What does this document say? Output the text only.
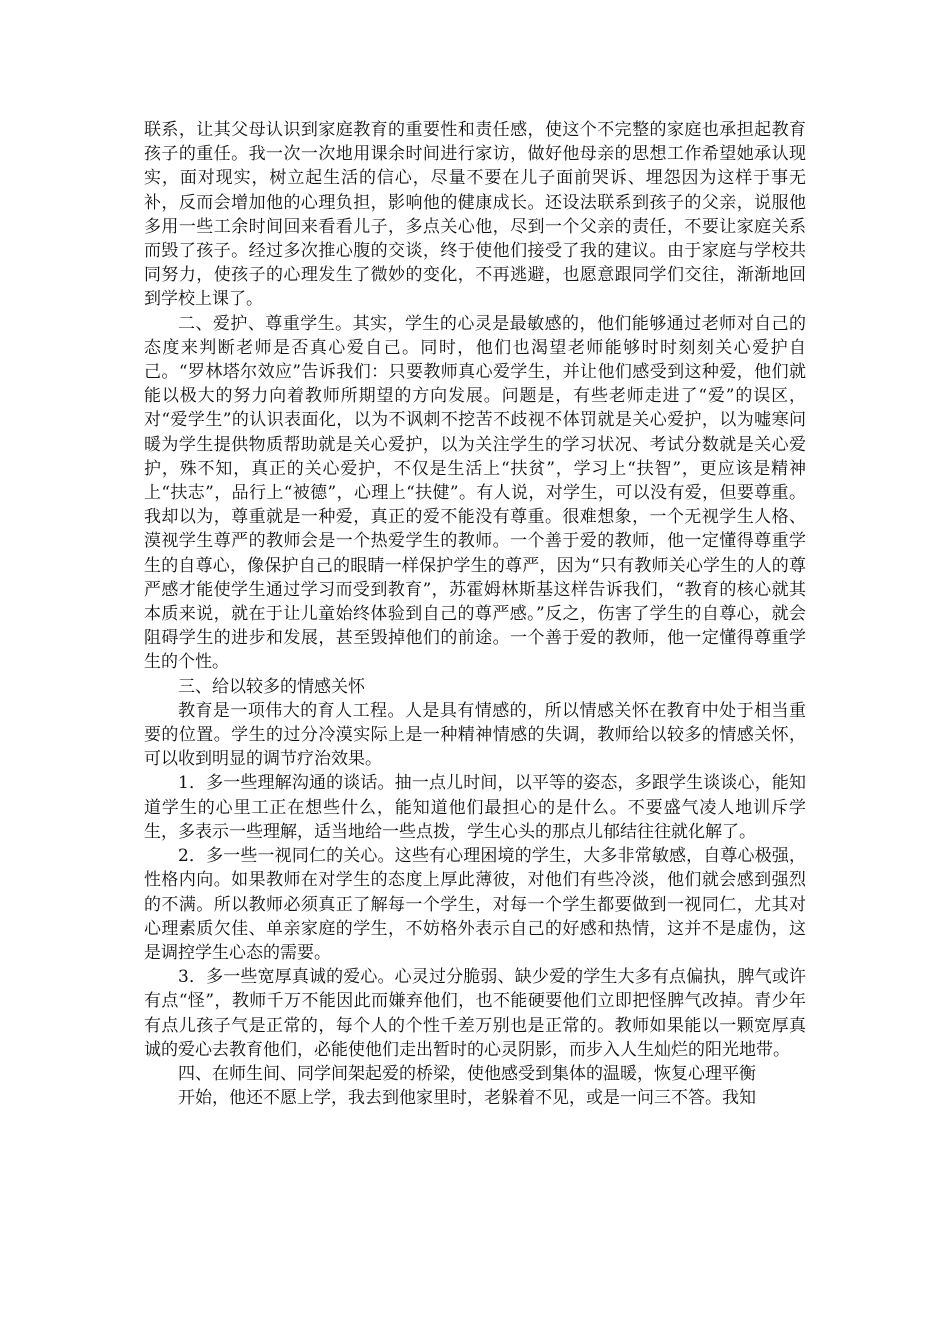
联系，让其父母认识到家庭教育的重要性和责任感，使这个不完整的家庭也承担起教育孩子的重任。我一次一次地用课余时间进行家访，做好他母亲的思想工作希望她承认现实，面对现实，树立起生活的信心，尽量不要在儿子面前哭诉、埋怨因为这样于事无补，反而会增加他的心理负担，影响他的健康成长。还设法联系到孩子的父亲，说服他多用一些工余时间回来看看儿子，多点关心他，尽到一个父亲的责任，不要让家庭关系而毁了孩子。经过多次推心腹的交谈，终于使他们接受了我的建议。由于家庭与学校共同努力，使孩子的心理发生了微妙的变化，不再逃避，也愿意跟同学们交往，渐渐地回到学校上课了。

二、爱护、尊重学生。其实，学生的心灵是最敏感的，他们能够通过老师对自己的态度来判断老师是否真心爱自己。同时，他们也渴望老师能够时时刻刻关心爱护自己。“罗林塔尔效应”告诉我们：只要教师真心爱学生，并让他们感受到这种爱，他们就能以极大的努力向着教师所期望的方向发展。问题是，有些老师走进了“爱”的误区，对“爱学生”的认识表面化，以为不讽刺不挖苦不歧视不体罚就是关心爱护，以为嘘寒问暖为学生提供物质帮助就是关心爱护，以为关注学生的学习状况、考试分数就是关心爱护，殊不知，真正的关心爱护，不仅是生活上“扶贫”，学习上“扶智”，更应该是精神上“扶志”，品行上“被德”，心理上“扶健”。有人说，对学生，可以没有爱，但要尊重。我却以为，尊重就是一种爱，真正的爱不能没有尊重。很难想象，一个无视学生人格、漠视学生尊严的教师会是一个热爱学生的教师。一个善于爱的教师，他一定懂得尊重学生的自尊心，像保护自己的眼睛一样保护学生的尊严，因为“只有教师关心学生的人的尊严感才能使学生通过学习而受到教育”，苏霍姆林斯基这样告诉我们，“教育的核心就其本质来说，就在于让儿童始终体验到自己的尊严感。”反之，伤害了学生的自尊心，就会阻碍学生的进步和发展，甚至毁掉他们的前途。一个善于爱的教师，他一定懂得尊重学生的个性。

三、给以较多的情感关怀

教育是一项伟大的育人工程。人是具有情感的，所以情感关怀在教育中处于相当重要的位置。学生的过分冷漠实际上是一种精神情感的失调，教师给以较多的情感关怀，可以收到明显的调节疗治效果。

1．多一些理解沟通的谈话。抽一点儿时间，以平等的姿态，多跟学生谈谈心，能知道学生的心里工正在想些什么，能知道他们最担心的是什么。不要盛气凌人地训斥学生，多表示一些理解，适当地给一些点拨，学生心头的那点儿郁结往往就化解了。

2．多一些一视同仁的关心。这些有心理困境的学生，大多非常敏感，自尊心极强，性格内向。如果教师在对学生的态度上厚此薄彼，对他们有些冷淡，他们就会感到强烈的不满。所以教师必须真正了解每一个学生，对每一个学生都要做到一视同仁，尤其对心理素质欠佳、单亲家庭的学生，不妨格外表示自己的好感和热情，这并不是虚伪，这是调控学生心态的需要。

3．多一些宽厚真诚的爱心。心灵过分脆弱、缺少爱的学生大多有点偏执，脾气或许有点“怪”，教师千万不能因此而嫌弃他们，也不能硬要他们立即把怪脾气改掉。青少年有点儿孩子气是正常的，每个人的个性千差万别也是正常的。教师如果能以一颗宽厚真诚的爱心去教育他们，必能使他们走出暂时的心灵阴影，而步入人生灿烂的阳光地带。

四、在师生间、同学间架起爱的桥梁，使他感受到集体的温暖，恢复心理平衡

开始，他还不愿上学，我去到他家里时，老躲着不见，或是一问三不答。我知
